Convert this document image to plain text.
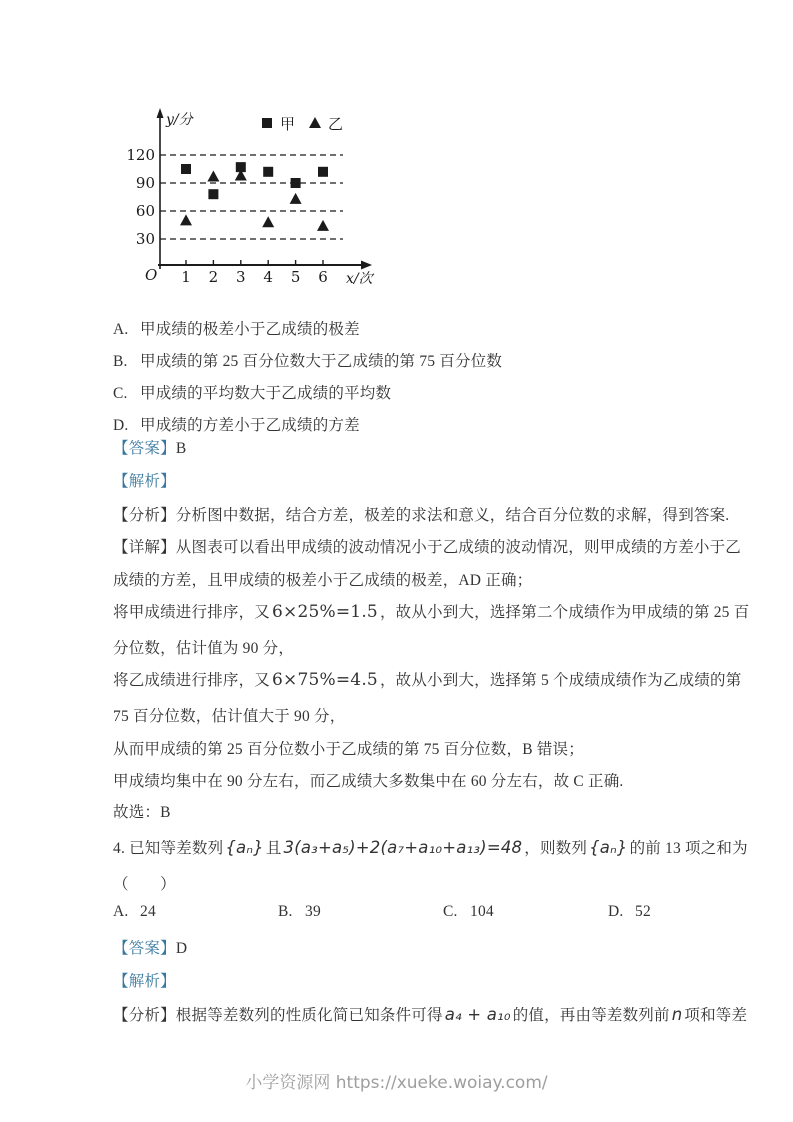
30
60
90
120
1 2 3 4 5 6
y/分
x/次
O
甲 乙
A. 甲成绩的极差小于乙成绩的极差
B. 甲成绩的第 25 百分位数大于乙成绩的第 75 百分位数
C. 甲成绩的平均数大于乙成绩的平均数
D. 甲成绩的方差小于乙成绩的方差
【答案】B
【解析】
【分析】分析图中数据，结合方差，极差的求法和意义，结合百分位数的求解，得到答案.
【详解】从图表可以看出甲成绩的波动情况小于乙成绩的波动情况，则甲成绩的方差小于乙
成绩的方差，且甲成绩的极差小于乙成绩的极差，AD 正确；
将甲成绩进行排序，又 6×25%=1.5 ，故从小到大，选择第二个成绩作为甲成绩的第 25 百
分位数，估计值为 90 分，
将乙成绩进行排序，又 6×75%=4.5 ，故从小到大，选择第 5 个成绩成绩作为乙成绩的第
75 百分位数，估计值大于 90 分，
从而甲成绩的第 25 百分位数小于乙成绩的第 75 百分位数，B 错误；
甲成绩均集中在 90 分左右，而乙成绩大多数集中在 60 分左右，故 C 正确.
故选：B
4. 已知等差数列 {aₙ} 且 3(a₃+a₅)+2(a₇+a₁₀+a₁₃)=48 ，则数列 {aₙ} 的前 13 项之和为
（　　）
A. 24	B. 39	C. 104	D. 52
【答案】D
【解析】
【分析】根据等差数列的性质化简已知条件可得 a₄ + a₁₀ 的值，再由等差数列前 n 项和等差
小学资源网 https://xueke.woiay.com/
